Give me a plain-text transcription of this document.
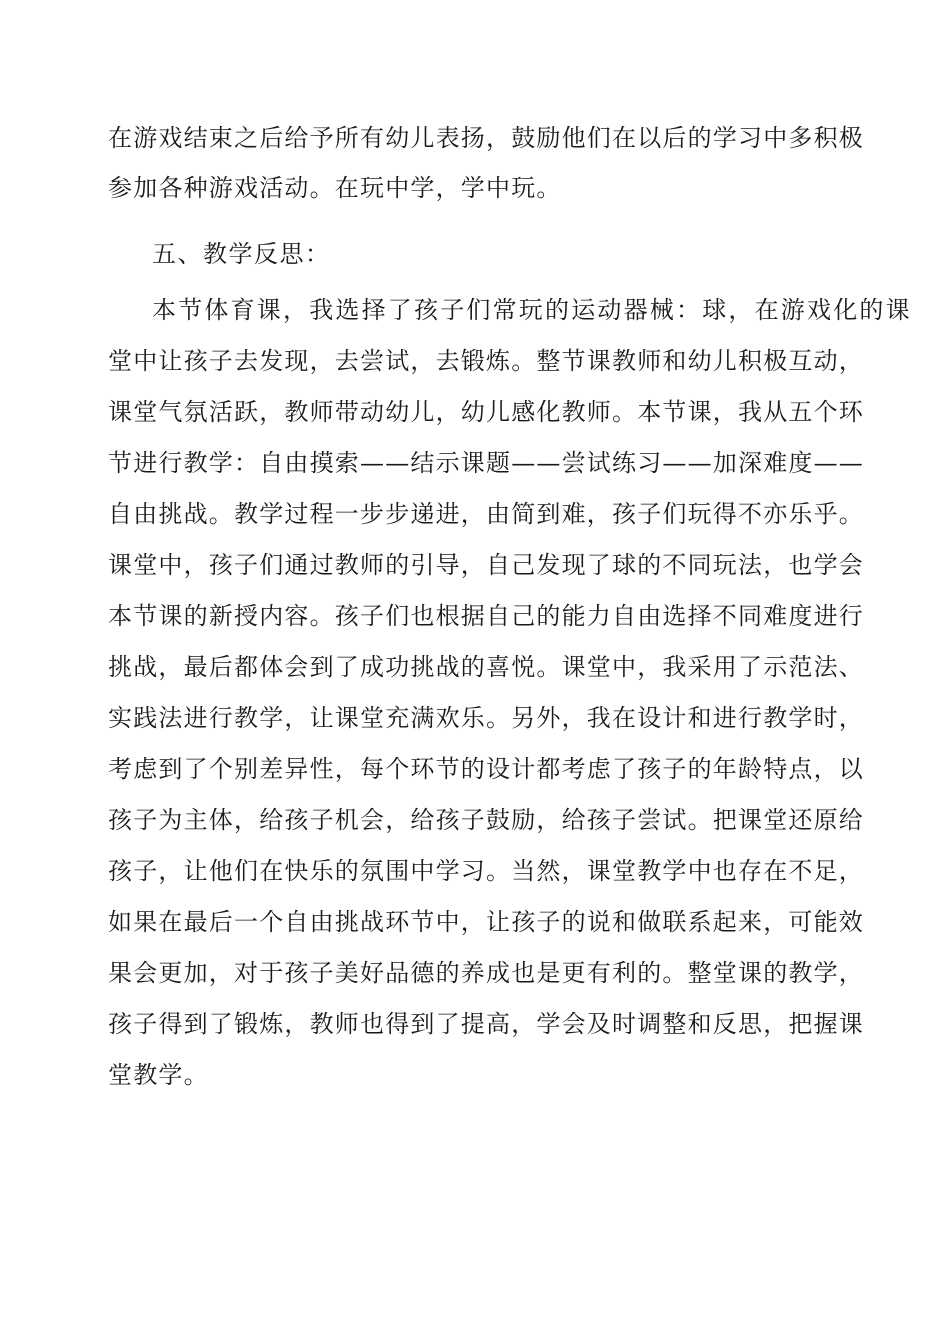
在游戏结束之后给予所有幼儿表扬，鼓励他们在以后的学习中多积极
参加各种游戏活动。在玩中学，学中玩。
五、教学反思：
本节体育课，我选择了孩子们常玩的运动器械：球，在游戏化的课
堂中让孩子去发现，去尝试，去锻炼。整节课教师和幼儿积极互动，
课堂气氛活跃，教师带动幼儿，幼儿感化教师。本节课，我从五个环
节进行教学：自由摸索——结示课题——尝试练习——加深难度——
自由挑战。教学过程一步步递进，由简到难，孩子们玩得不亦乐乎。
课堂中，孩子们通过教师的引导，自己发现了球的不同玩法，也学会
本节课的新授内容。孩子们也根据自己的能力自由选择不同难度进行
挑战，最后都体会到了成功挑战的喜悦。课堂中，我采用了示范法、
实践法进行教学，让课堂充满欢乐。另外，我在设计和进行教学时，
考虑到了个别差异性，每个环节的设计都考虑了孩子的年龄特点，以
孩子为主体，给孩子机会，给孩子鼓励，给孩子尝试。把课堂还原给
孩子，让他们在快乐的氛围中学习。当然，课堂教学中也存在不足，
如果在最后一个自由挑战环节中，让孩子的说和做联系起来，可能效
果会更加，对于孩子美好品德的养成也是更有利的。整堂课的教学，
孩子得到了锻炼，教师也得到了提高，学会及时调整和反思，把握课
堂教学。
